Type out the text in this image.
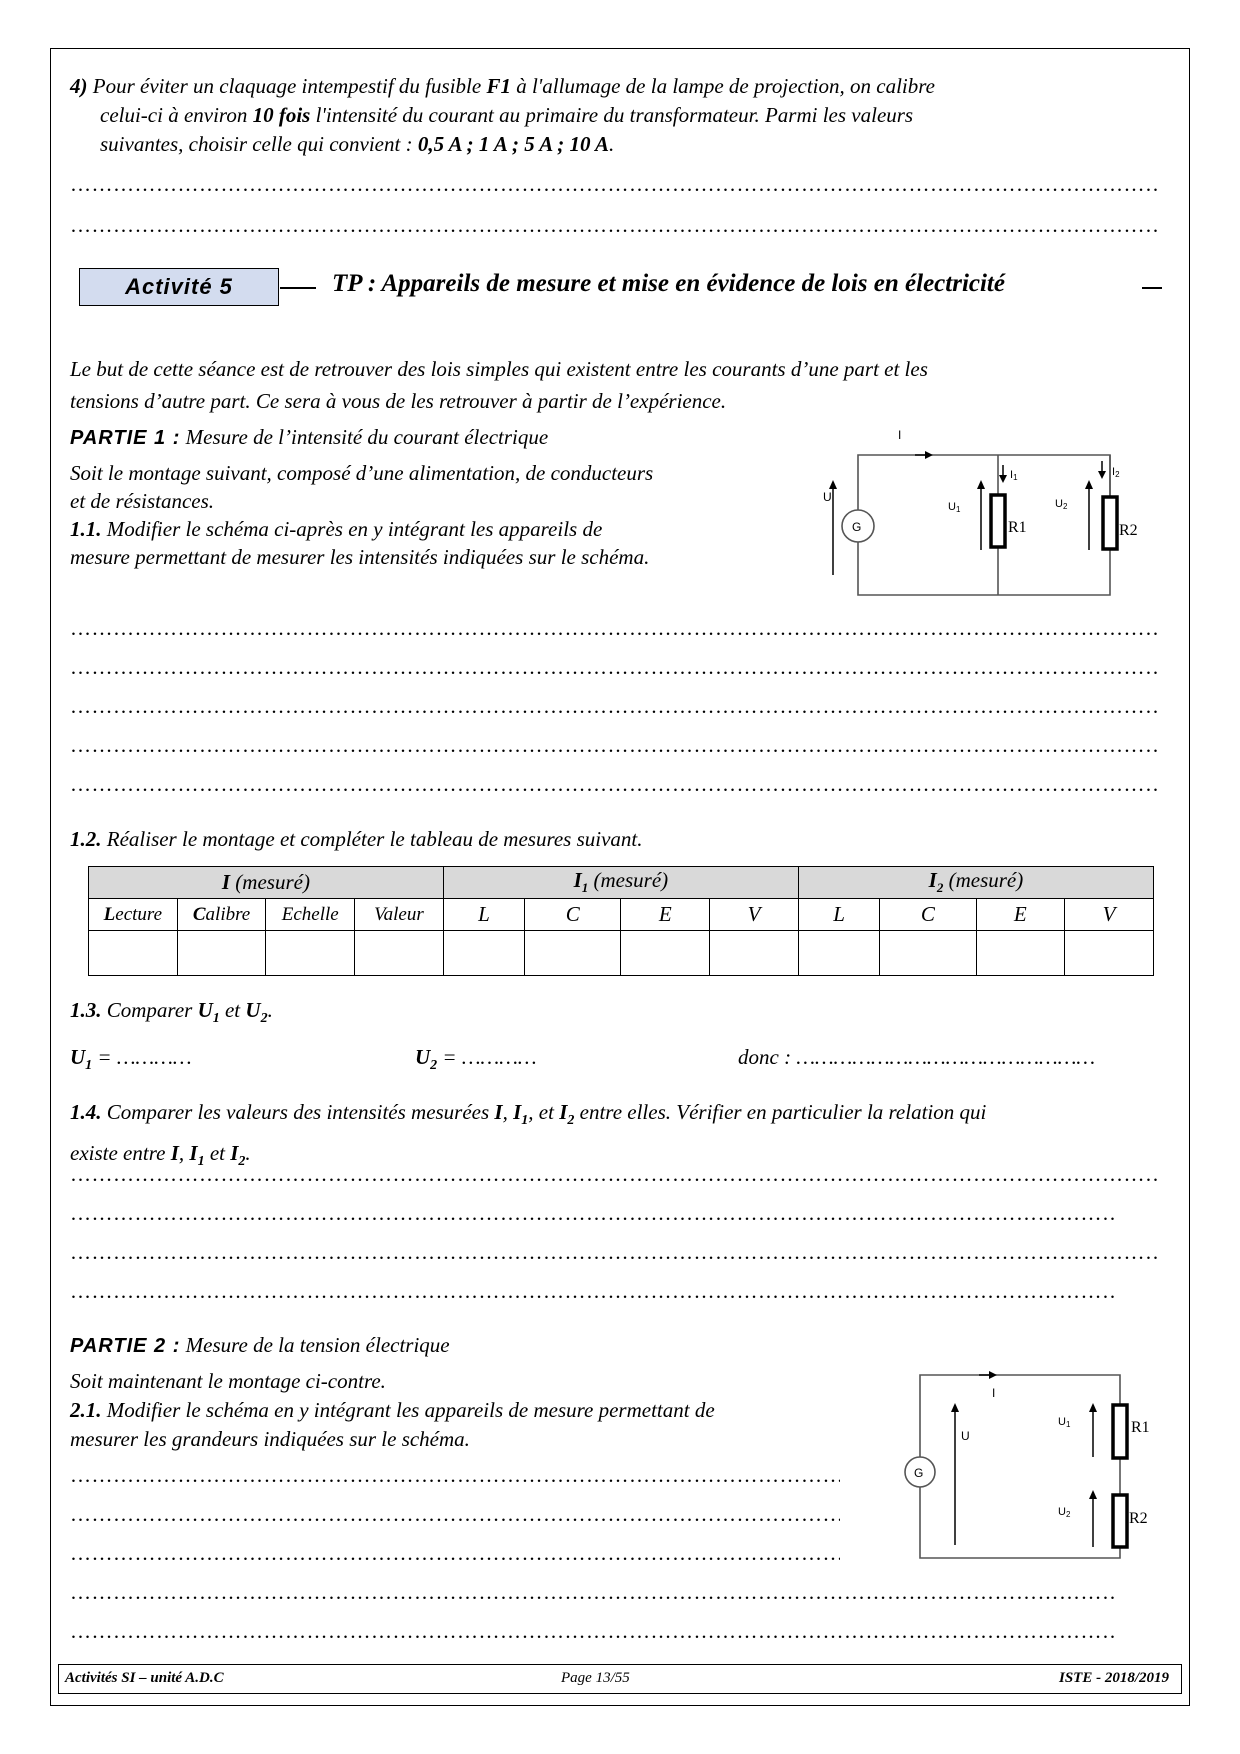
4) Pour éviter un claquage intempestif du fusible F1 à l'allumage de la lampe de projection, on calibre
celui-ci à environ 10 fois l'intensité du courant au primaire du transformateur. Parmi les valeurs
suivantes, choisir celle qui convient : 0,5 A ; 1 A ; 5 A ; 10 A.
…………………………………………………………………………………………………………………………………………………………………………………………………………………
…………………………………………………………………………………………………………………………………………………………………………………………………………………
Activité 5	TP : Appareils de mesure et mise en évidence de lois en électricité
Le but de cette séance est de retrouver des lois simples qui existent entre les courants d’une part et les
tensions d’autre part. Ce sera à vous de les retrouver à partir de l’expérience.
PARTIE 1 : Mesure de l’intensité du courant électrique
Soit le montage suivant, composé d’une alimentation, de conducteurs
et de résistances.
1.1. Modifier le schéma ci-après en y intégrant les appareils de
mesure permettant de mesurer les intensités indiquées sur le schéma.
G
U
U1	U2
I
I1	I2
R1	R2
…………………………………………………………………………………………………………………………………………………………………………………………………………………
…………………………………………………………………………………………………………………………………………………………………………………………………………………
…………………………………………………………………………………………………………………………………………………………………………………………………………………
…………………………………………………………………………………………………………………………………………………………………………………………………………………
…………………………………………………………………………………………………………………………………………………………………………………………………………………
1.2. Réaliser le montage et compléter le tableau de mesures suivant.
I (mesuré)				$I_1$ (mesuré)				$I_2$ (mesuré)			
Lecture	Calibre	Echelle	Valeur	L	C	E	V	L	C	E	V

1.3. Comparer $U_1$ et $U_2$.
$U_1$ = …………	$U_2$ = …………	donc : …………………………………………
1.4. Comparer les valeurs des intensités mesurées I, $I_1$, et $I_2$ entre elles. Vérifier en particulier la relation qui
existe entre I, $I_1$ et $I_2$.
…………………………………………………………………………………………………………………………………………………………………………………………………………………
…………………………………………………………………………………………………………………………………………………………………………………………………………………
…………………………………………………………………………………………………………………………………………………………………………………………………………………
…………………………………………………………………………………………………………………………………………………………………………………………………………………
PARTIE 2 : Mesure de la tension électrique
Soit maintenant le montage ci-contre.
2.1. Modifier le schéma en y intégrant les appareils de mesure permettant de
mesurer les grandeurs indiquées sur le schéma.
……………………………………………………………………………………………………………………………
……………………………………………………………………………………………………………………………
……………………………………………………………………………………………………………………………
…………………………………………………………………………………………………………………………………………………………………………………………………………………
…………………………………………………………………………………………………………………………………………………………………………………………………………………
G
I
U
U1
U2
R1
R2
Activités SI – unité A.D.C	Page 13/55	ISTE - 2018/2019
